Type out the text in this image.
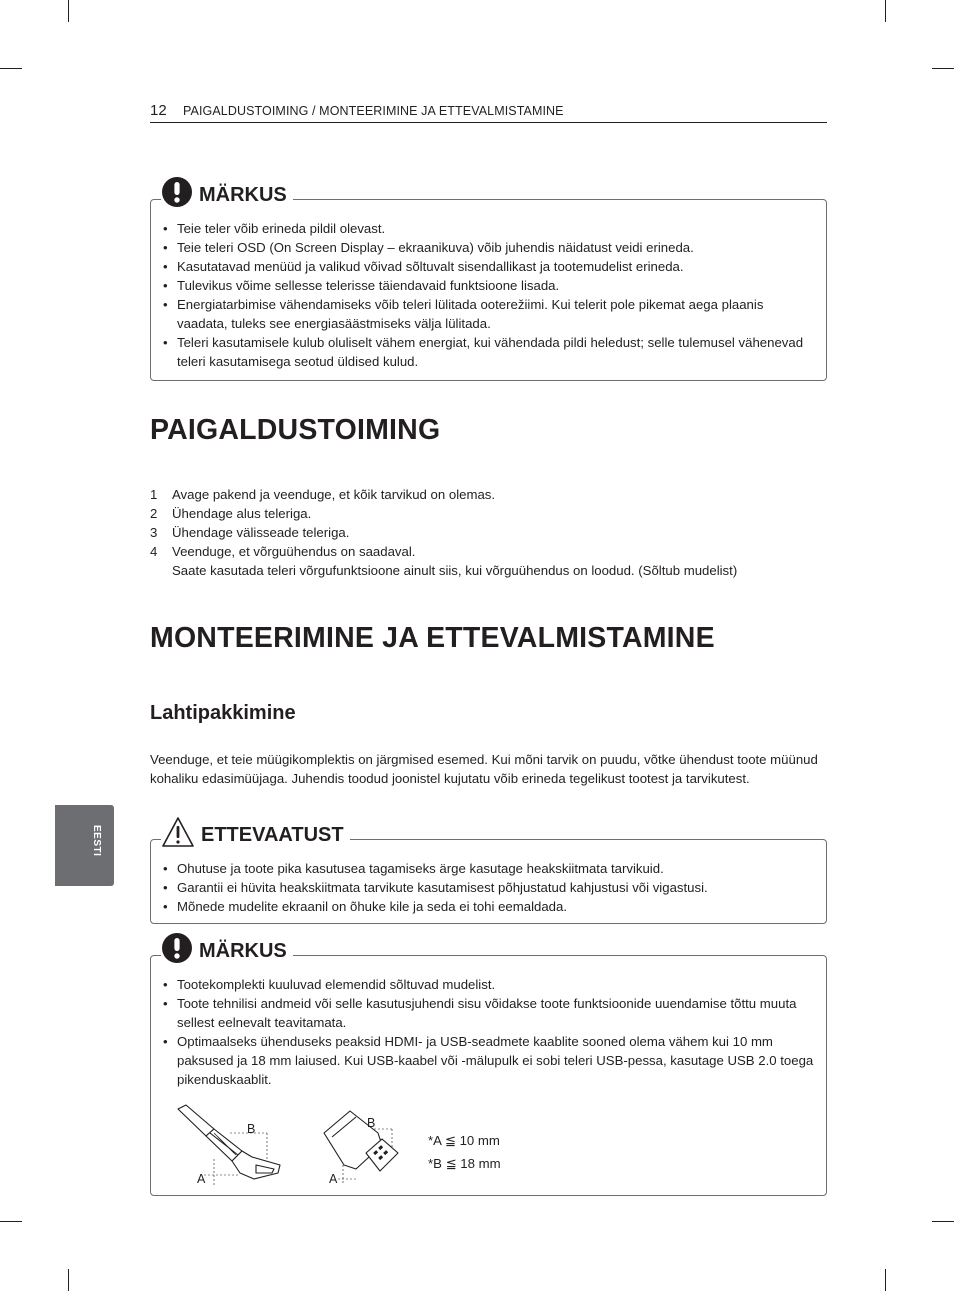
12 PAIGALDUSTOIMING / MONTEERIMINE JA ETTEVALMISTAMINE
MÄRKUS
• Teie teler võib erineda pildil olevast.
• Teie teleri OSD (On Screen Display – ekraanikuva) võib juhendis näidatust veidi erineda.
• Kasutatavad menüüd ja valikud võivad sõltuvalt sisendallikast ja tootemudelist erineda.
• Tulevikus võime sellesse telerisse täiendavaid funktsioone lisada.
• Energiatarbimise vähendamiseks võib teleri lülitada ooterežiimi. Kui telerit pole pikemat aega plaanis vaadata, tuleks see energiasäästmiseks välja lülitada.
• Teleri kasutamisele kulub oluliselt vähem energiat, kui vähendada pildi heledust; selle tulemusel vähenevad teleri kasutamisega seotud üldised kulud.
PAIGALDUSTOIMING
1 Avage pakend ja veenduge, et kõik tarvikud on olemas.
2 Ühendage alus teleriga.
3 Ühendage välisseade teleriga.
4 Veenduge, et võrguühendus on saadaval.
Saate kasutada teleri võrgufunktsioone ainult siis, kui võrguühendus on loodud. (Sõltub mudelist)
MONTEERIMINE JA ETTEVALMISTAMINE
Lahtipakkimine

Veenduge, et teie müügikomplektis on järgmised esemed. Kui mõni tarvik on puudu, võtke ühendust toote müünud kohaliku edasimüüjaga. Juhendis toodud joonistel kujutatu võib erineda tegelikust tootest ja tarvikutest.

EESTI	ETTEVAATUST
• Ohutuse ja toote pika kasutusea tagamiseks ärge kasutage heakskiitmata tarvikuid.
• Garantii ei hüvita heakskiitmata tarvikute kasutamisest põhjustatud kahjustusi või vigastusi.
• Mõnede mudelite ekraanil on õhuke kile ja seda ei tohi eemaldada.
MÄRKUS
• Tootekomplekti kuuluvad elemendid sõltuvad mudelist.
• Toote tehnilisi andmeid või selle kasutusjuhendi sisu võidakse toote funktsioonide uuendamise tõttu muuta sellest eelnevalt teavitamata.
• Optimaalseks ühenduseks peaksid HDMI- ja USB-seadmete kaablite sooned olema vähem kui 10 mm paksused ja 18 mm laiused. Kui USB-kaabel või -mälupulk ei sobi teleri USB-pessa, kasutage USB 2.0 toega pikenduskaablit.
B
A
B
A
*A ≦ 10 mm
*B ≦ 18 mm
